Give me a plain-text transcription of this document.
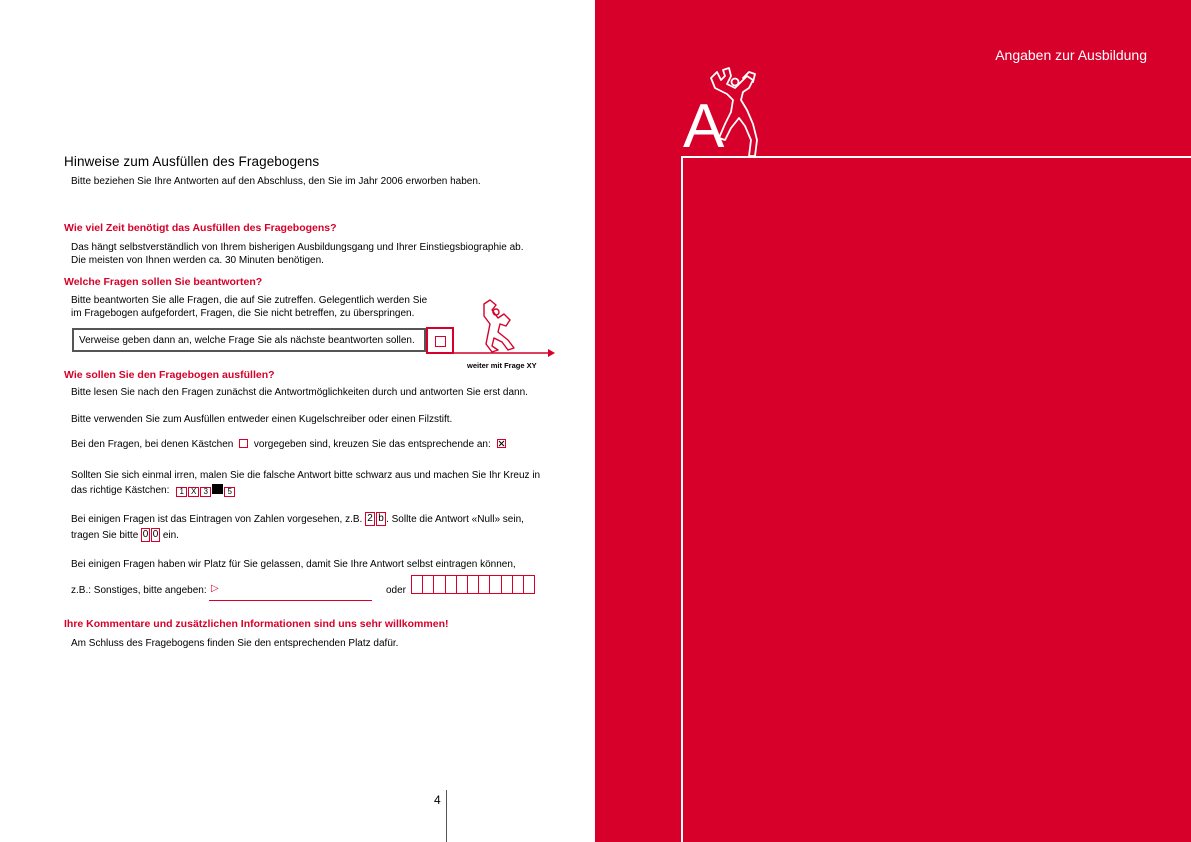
Hinweise zum Ausfüllen des Fragebogens
Bitte beziehen Sie Ihre Antworten auf den Abschluss, den Sie im Jahr 2006 erworben haben.
Wie viel Zeit benötigt das Ausfüllen des Fragebogens?
Das hängt selbstverständlich von Ihrem bisherigen Ausbildungsgang und Ihrer Einstiegsbiographie ab.
Die meisten von Ihnen werden ca. 30 Minuten benötigen.
Welche Fragen sollen Sie beantworten?
Bitte beantworten Sie alle Fragen, die auf Sie zutreffen. Gelegentlich werden Sie
im Fragebogen aufgefordert, Fragen, die Sie nicht betreffen, zu überspringen.
Verweise geben dann an, welche Frage Sie als nächste beantworten sollen.
weiter mit Frage XY
Wie sollen Sie den Fragebogen ausfüllen?
Bitte lesen Sie nach den Fragen zunächst die Antwortmöglichkeiten durch und antworten Sie erst dann.
Bitte verwenden Sie zum Ausfüllen entweder einen Kugelschreiber oder einen Filzstift.
Bei den Fragen, bei denen Kästchen vorgegeben sind, kreuzen Sie das entsprechende an:
Sollten Sie sich einmal irren, malen Sie die falsche Antwort bitte schwarz aus und machen Sie Ihr Kreuz in
das richtige Kästchen: 1 X 3 5
Bei einigen Fragen ist das Eintragen von Zahlen vorgesehen, z.B. 2 b . Sollte die Antwort «Null» sein,
tragen Sie bitte 0 0 ein.
Bei einigen Fragen haben wir Platz für Sie gelassen, damit Sie Ihre Antwort selbst eintragen können,
z.B.: Sonstiges, bitte angeben: ▷	oder
Ihre Kommentare und zusätzlichen Informationen sind uns sehr willkommen!
Am Schluss des Fragebogens finden Sie den entsprechenden Platz dafür.
4
Angaben zur Ausbildung
A
